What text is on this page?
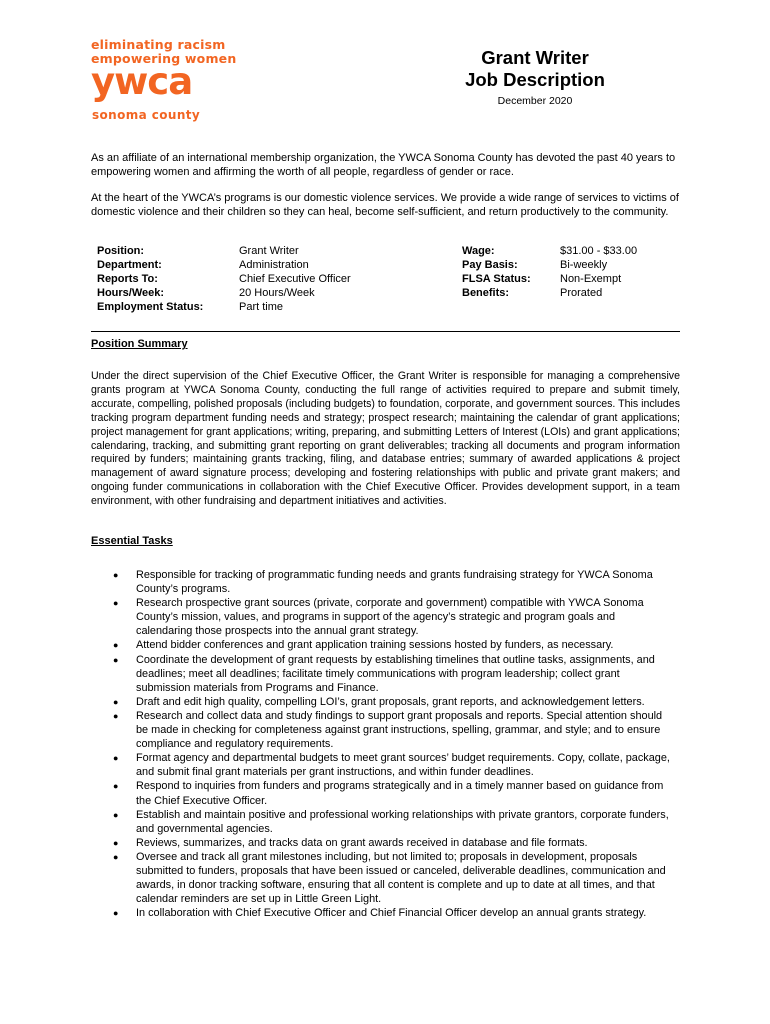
eliminating racism
empowering women
ywca
sonoma county
Grant Writer
Job Description
December 2020
As an affiliate of an international membership organization, the YWCA Sonoma County has devoted the past 40 years to empowering women and affirming the worth of all people, regardless of gender or race.
At the heart of the YWCA’s programs is our domestic violence services. We provide a wide range of services to victims of domestic violence and their children so they can heal, become self-sufficient, and return productively to the community.
Position:
Department:
Reports To:
Hours/Week:
Employment Status:
Grant Writer
Administration
Chief Executive Officer
20 Hours/Week
Part time
Wage:
Pay Basis:
FLSA Status:
Benefits:
$31.00 - $33.00
Bi-weekly
Non-Exempt
Prorated
Position Summary
Under the direct supervision of the Chief Executive Officer, the Grant Writer is responsible for managing a comprehensive grants program at YWCA Sonoma County, conducting the full range of activities required to prepare and submit timely, accurate, compelling, polished proposals (including budgets) to foundation, corporate, and government sources. This includes tracking program department funding needs and strategy; prospect research; maintaining the calendar of grant applications; project management for grant applications; writing, preparing, and submitting Letters of Interest (LOIs) and grant applications; calendaring, tracking, and submitting grant reporting on grant deliverables; tracking all documents and program information required by funders; maintaining grants tracking, filing, and database entries; summary of awarded applications & project management of award signature process; developing and fostering relationships with public and private grant makers; and ongoing funder communications in collaboration with the Chief Executive Officer. Provides development support, in a team environment, with other fundraising and department initiatives and activities.
Essential Tasks
● Responsible for tracking of programmatic funding needs and grants fundraising strategy for YWCA Sonoma County’s programs.
● Research prospective grant sources (private, corporate and government) compatible with YWCA Sonoma County’s mission, values, and programs in support of the agency’s strategic and program goals and calendaring those prospects into the annual grant strategy.
● Attend bidder conferences and grant application training sessions hosted by funders, as necessary.
● Coordinate the development of grant requests by establishing timelines that outline tasks, assignments, and deadlines; meet all deadlines; facilitate timely communications with program leadership; collect grant submission materials from Programs and Finance.
● Draft and edit high quality, compelling LOI’s, grant proposals, grant reports, and acknowledgement letters.
● Research and collect data and study findings to support grant proposals and reports. Special attention should be made in checking for completeness against grant instructions, spelling, grammar, and style; and to ensure compliance and regulatory requirements.
● Format agency and departmental budgets to meet grant sources’ budget requirements. Copy, collate, package, and submit final grant materials per grant instructions, and within funder deadlines.
● Respond to inquiries from funders and programs strategically and in a timely manner based on guidance from the Chief Executive Officer.
● Establish and maintain positive and professional working relationships with private grantors, corporate funders, and governmental agencies.
● Reviews, summarizes, and tracks data on grant awards received in database and file formats.
● Oversee and track all grant milestones including, but not limited to; proposals in development, proposals submitted to funders, proposals that have been issued or canceled, deliverable deadlines, communication and awards, in donor tracking software, ensuring that all content is complete and up to date at all times, and that calendar reminders are set up in Little Green Light.
● In collaboration with Chief Executive Officer and Chief Financial Officer develop an annual grants strategy.
